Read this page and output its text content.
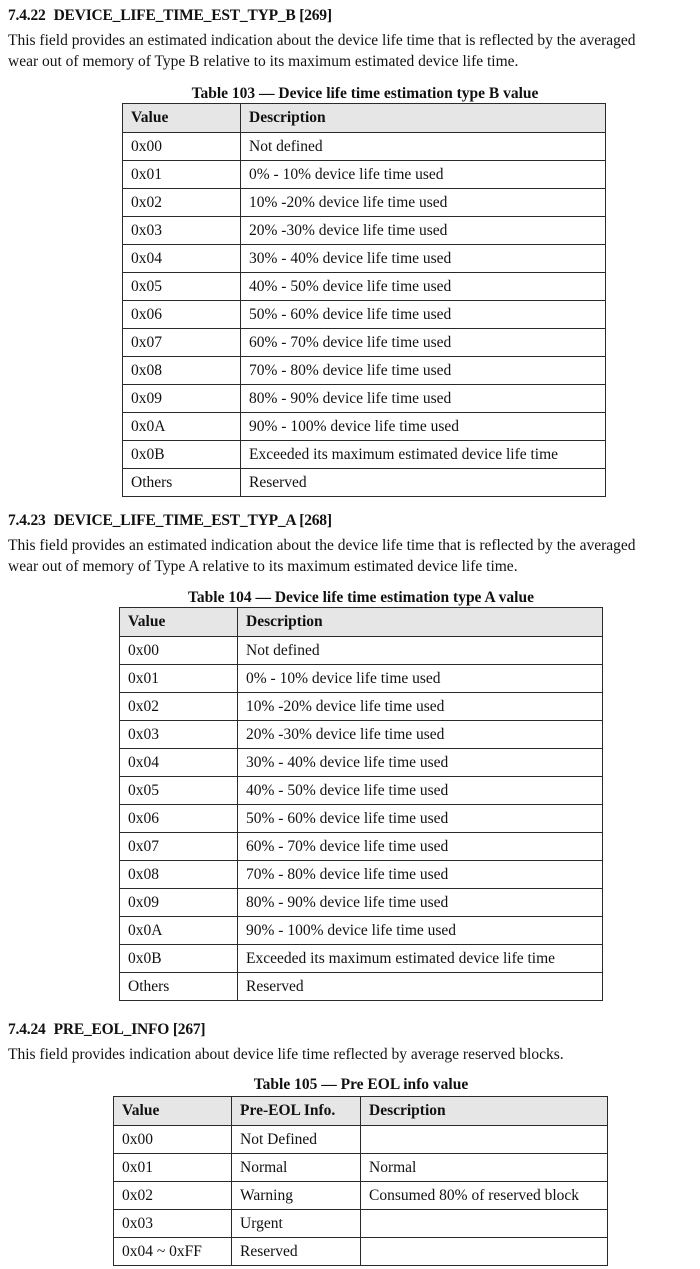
7.4.22 DEVICE_LIFE_TIME_EST_TYP_B [269]

This field provides an estimated indication about the device life time that is reflected by the averaged
wear out of memory of Type B relative to its maximum estimated device life time.

Table 103 — Device life time estimation type B value
Value	Description
0x00	Not defined
0x01	0% - 10% device life time used
0x02	10% -20% device life time used
0x03	20% -30% device life time used
0x04	30% - 40% device life time used
0x05	40% - 50% device life time used
0x06	50% - 60% device life time used
0x07	60% - 70% device life time used
0x08	70% - 80% device life time used
0x09	80% - 90% device life time used
0x0A	90% - 100% device life time used
0x0B	Exceeded its maximum estimated device life time
Others	Reserved
7.4.23 DEVICE_LIFE_TIME_EST_TYP_A [268]

This field provides an estimated indication about the device life time that is reflected by the averaged
wear out of memory of Type A relative to its maximum estimated device life time.

Table 104 — Device life time estimation type A value
Value	Description
0x00	Not defined
0x01	0% - 10% device life time used
0x02	10% -20% device life time used
0x03	20% -30% device life time used
0x04	30% - 40% device life time used
0x05	40% - 50% device life time used
0x06	50% - 60% device life time used
0x07	60% - 70% device life time used
0x08	70% - 80% device life time used
0x09	80% - 90% device life time used
0x0A	90% - 100% device life time used
0x0B	Exceeded its maximum estimated device life time
Others	Reserved
7.4.24 PRE_EOL_INFO [267]

This field provides indication about device life time reflected by average reserved blocks.

Table 105 — Pre EOL info value
Value	Pre-EOL Info.	Description
0x00	Not Defined	
0x01	Normal	Normal
0x02	Warning	Consumed 80% of reserved block
0x03	Urgent	
0x04 ~ 0xFF	Reserved	
